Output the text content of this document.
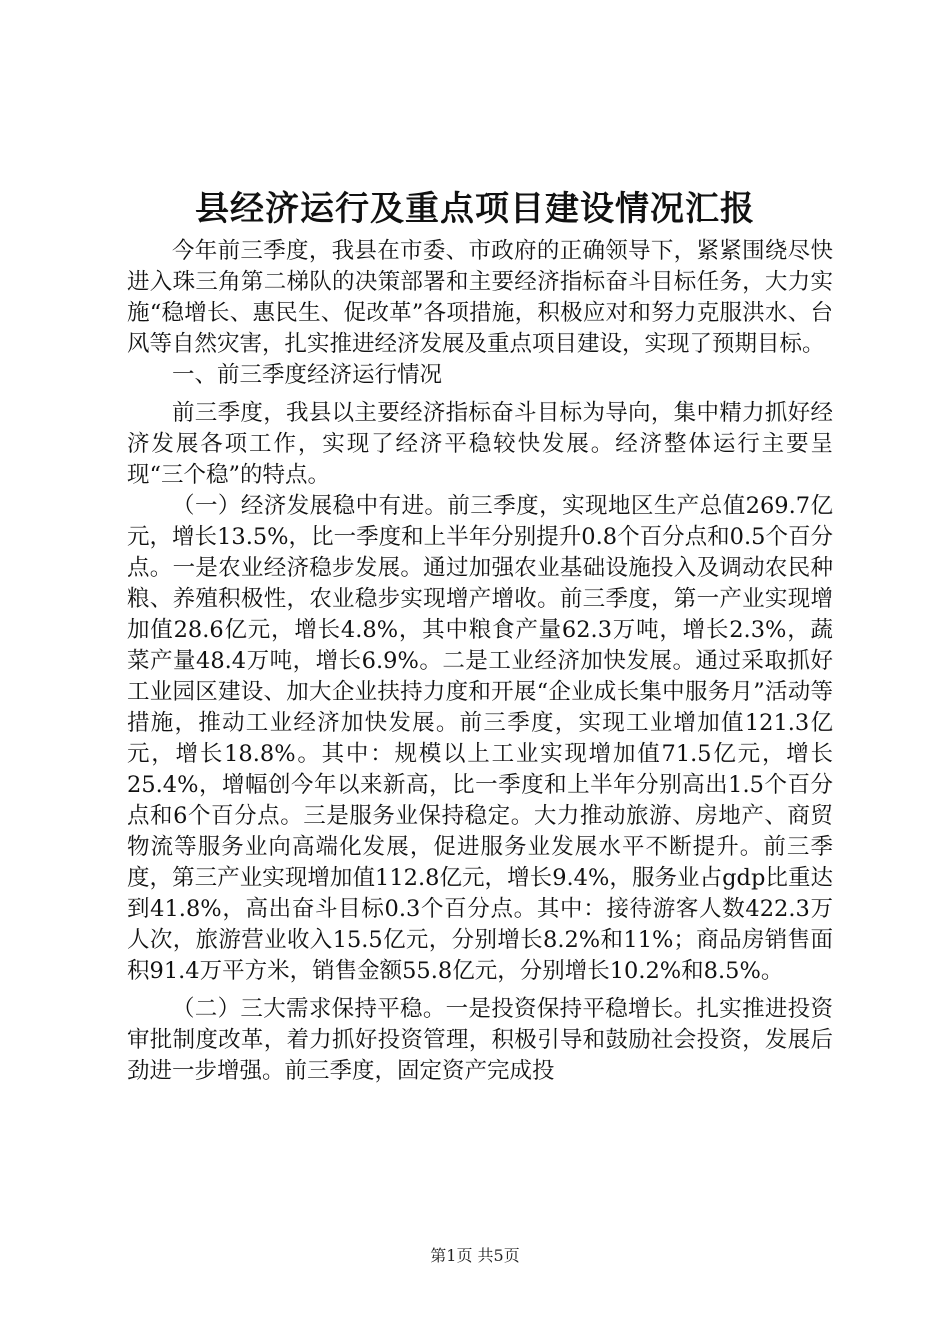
县经济运行及重点项目建设情况汇报

今年前三季度，我县在市委、市政府的正确领导下，紧紧围绕尽快进入珠三角第二梯队的决策部署和主要经济指标奋斗目标任务，大力实施“稳增长、惠民生、促改革”各项措施，积极应对和努力克服洪水、台风等自然灾害，扎实推进经济发展及重点项目建设，实现了预期目标。

一、前三季度经济运行情况

前三季度，我县以主要经济指标奋斗目标为导向，集中精力抓好经济发展各项工作，实现了经济平稳较快发展。经济整体运行主要呈现“三个稳”的特点。

（一）经济发展稳中有进。前三季度，实现地区生产总值269.7亿元，增长13.5%，比一季度和上半年分别提升0.8个百分点和0.5个百分点。一是农业经济稳步发展。通过加强农业基础设施投入及调动农民种粮、养殖积极性，农业稳步实现增产增收。前三季度，第一产业实现增加值28.6亿元，增长4.8%，其中粮食产量62.3万吨，增长2.3%，蔬菜产量48.4万吨，增长6.9%。二是工业经济加快发展。通过采取抓好工业园区建设、加大企业扶持力度和开展“企业成长集中服务月”活动等措施，推动工业经济加快发展。前三季度，实现工业增加值121.3亿元，增长18.8%。其中：规模以上工业实现增加值71.5亿元，增长25.4%，增幅创今年以来新高，比一季度和上半年分别高出1.5个百分点和6个百分点。三是服务业保持稳定。大力推动旅游、房地产、商贸物流等服务业向高端化发展，促进服务业发展水平不断提升。前三季度，第三产业实现增加值112.8亿元，增长9.4%，服务业占gdp比重达到41.8%，高出奋斗目标0.3个百分点。其中：接待游客人数422.3万人次，旅游营业收入15.5亿元，分别增长8.2%和11%；商品房销售面积91.4万平方米，销售金额55.8亿元，分别增长10.2%和8.5%。

（二）三大需求保持平稳。一是投资保持平稳增长。扎实推进投资审批制度改革，着力抓好投资管理，积极引导和鼓励社会投资，发展后劲进一步增强。前三季度，固定资产完成投

第1页 共5页
